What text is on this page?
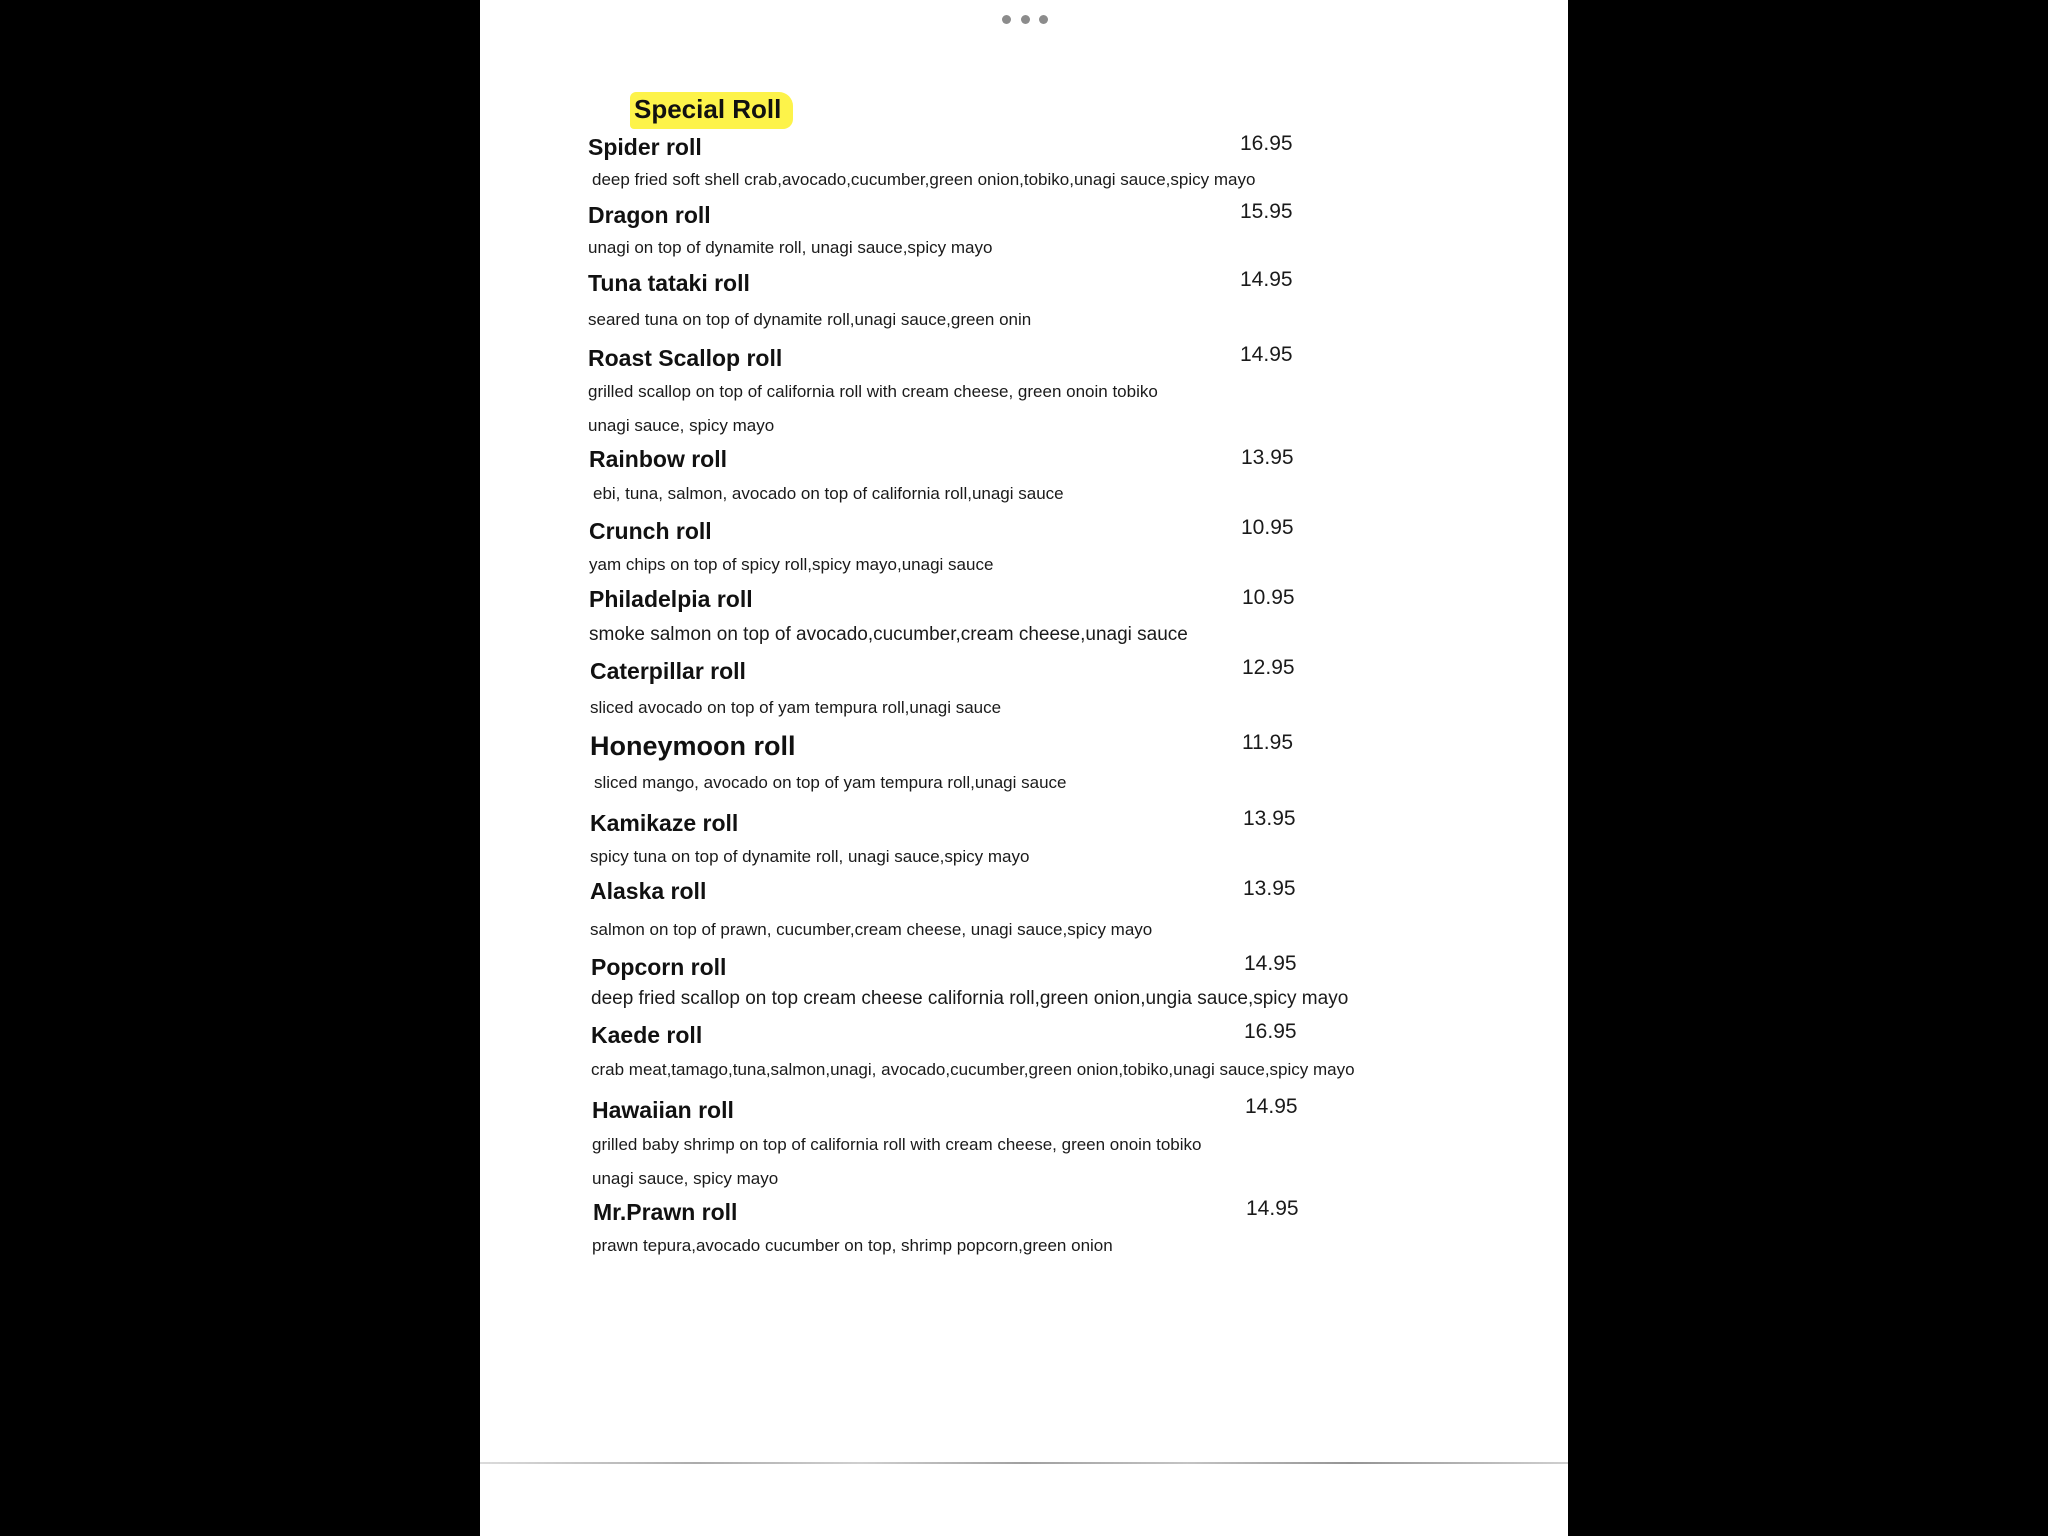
Special Roll
Spider roll	16.95
deep fried soft shell crab,avocado,cucumber,green onion,tobiko,unagi sauce,spicy mayo
Dragon roll	15.95
unagi on top of dynamite roll, unagi sauce,spicy mayo
Tuna tataki roll	14.95
seared tuna on top of dynamite roll,unagi sauce,green onin
Roast Scallop roll	14.95
grilled scallop on top of california roll with cream cheese, green onoin tobiko
unagi sauce, spicy mayo
Rainbow roll	13.95
ebi, tuna, salmon, avocado on top of california roll,unagi sauce
Crunch roll	10.95
yam chips on top of spicy roll,spicy mayo,unagi sauce
Philadelpia roll	10.95
smoke salmon on top of avocado,cucumber,cream cheese,unagi sauce
Caterpillar roll	12.95
sliced avocado on top of yam tempura roll,unagi sauce
Honeymoon roll	11.95
sliced mango, avocado on top of yam tempura roll,unagi sauce
Kamikaze roll	13.95
spicy tuna on top of dynamite roll, unagi sauce,spicy mayo
Alaska roll	13.95
salmon on top of prawn, cucumber,cream cheese, unagi sauce,spicy mayo
Popcorn roll	14.95
deep fried scallop on top cream cheese california roll,green onion,ungia sauce,spicy mayo
Kaede roll	16.95
crab meat,tamago,tuna,salmon,unagi, avocado,cucumber,green onion,tobiko,unagi sauce,spicy mayo
Hawaiian roll	14.95
grilled baby shrimp on top of california roll with cream cheese, green onoin tobiko
unagi sauce, spicy mayo
Mr.Prawn roll	14.95
prawn tepura,avocado cucumber on top, shrimp popcorn,green onion
